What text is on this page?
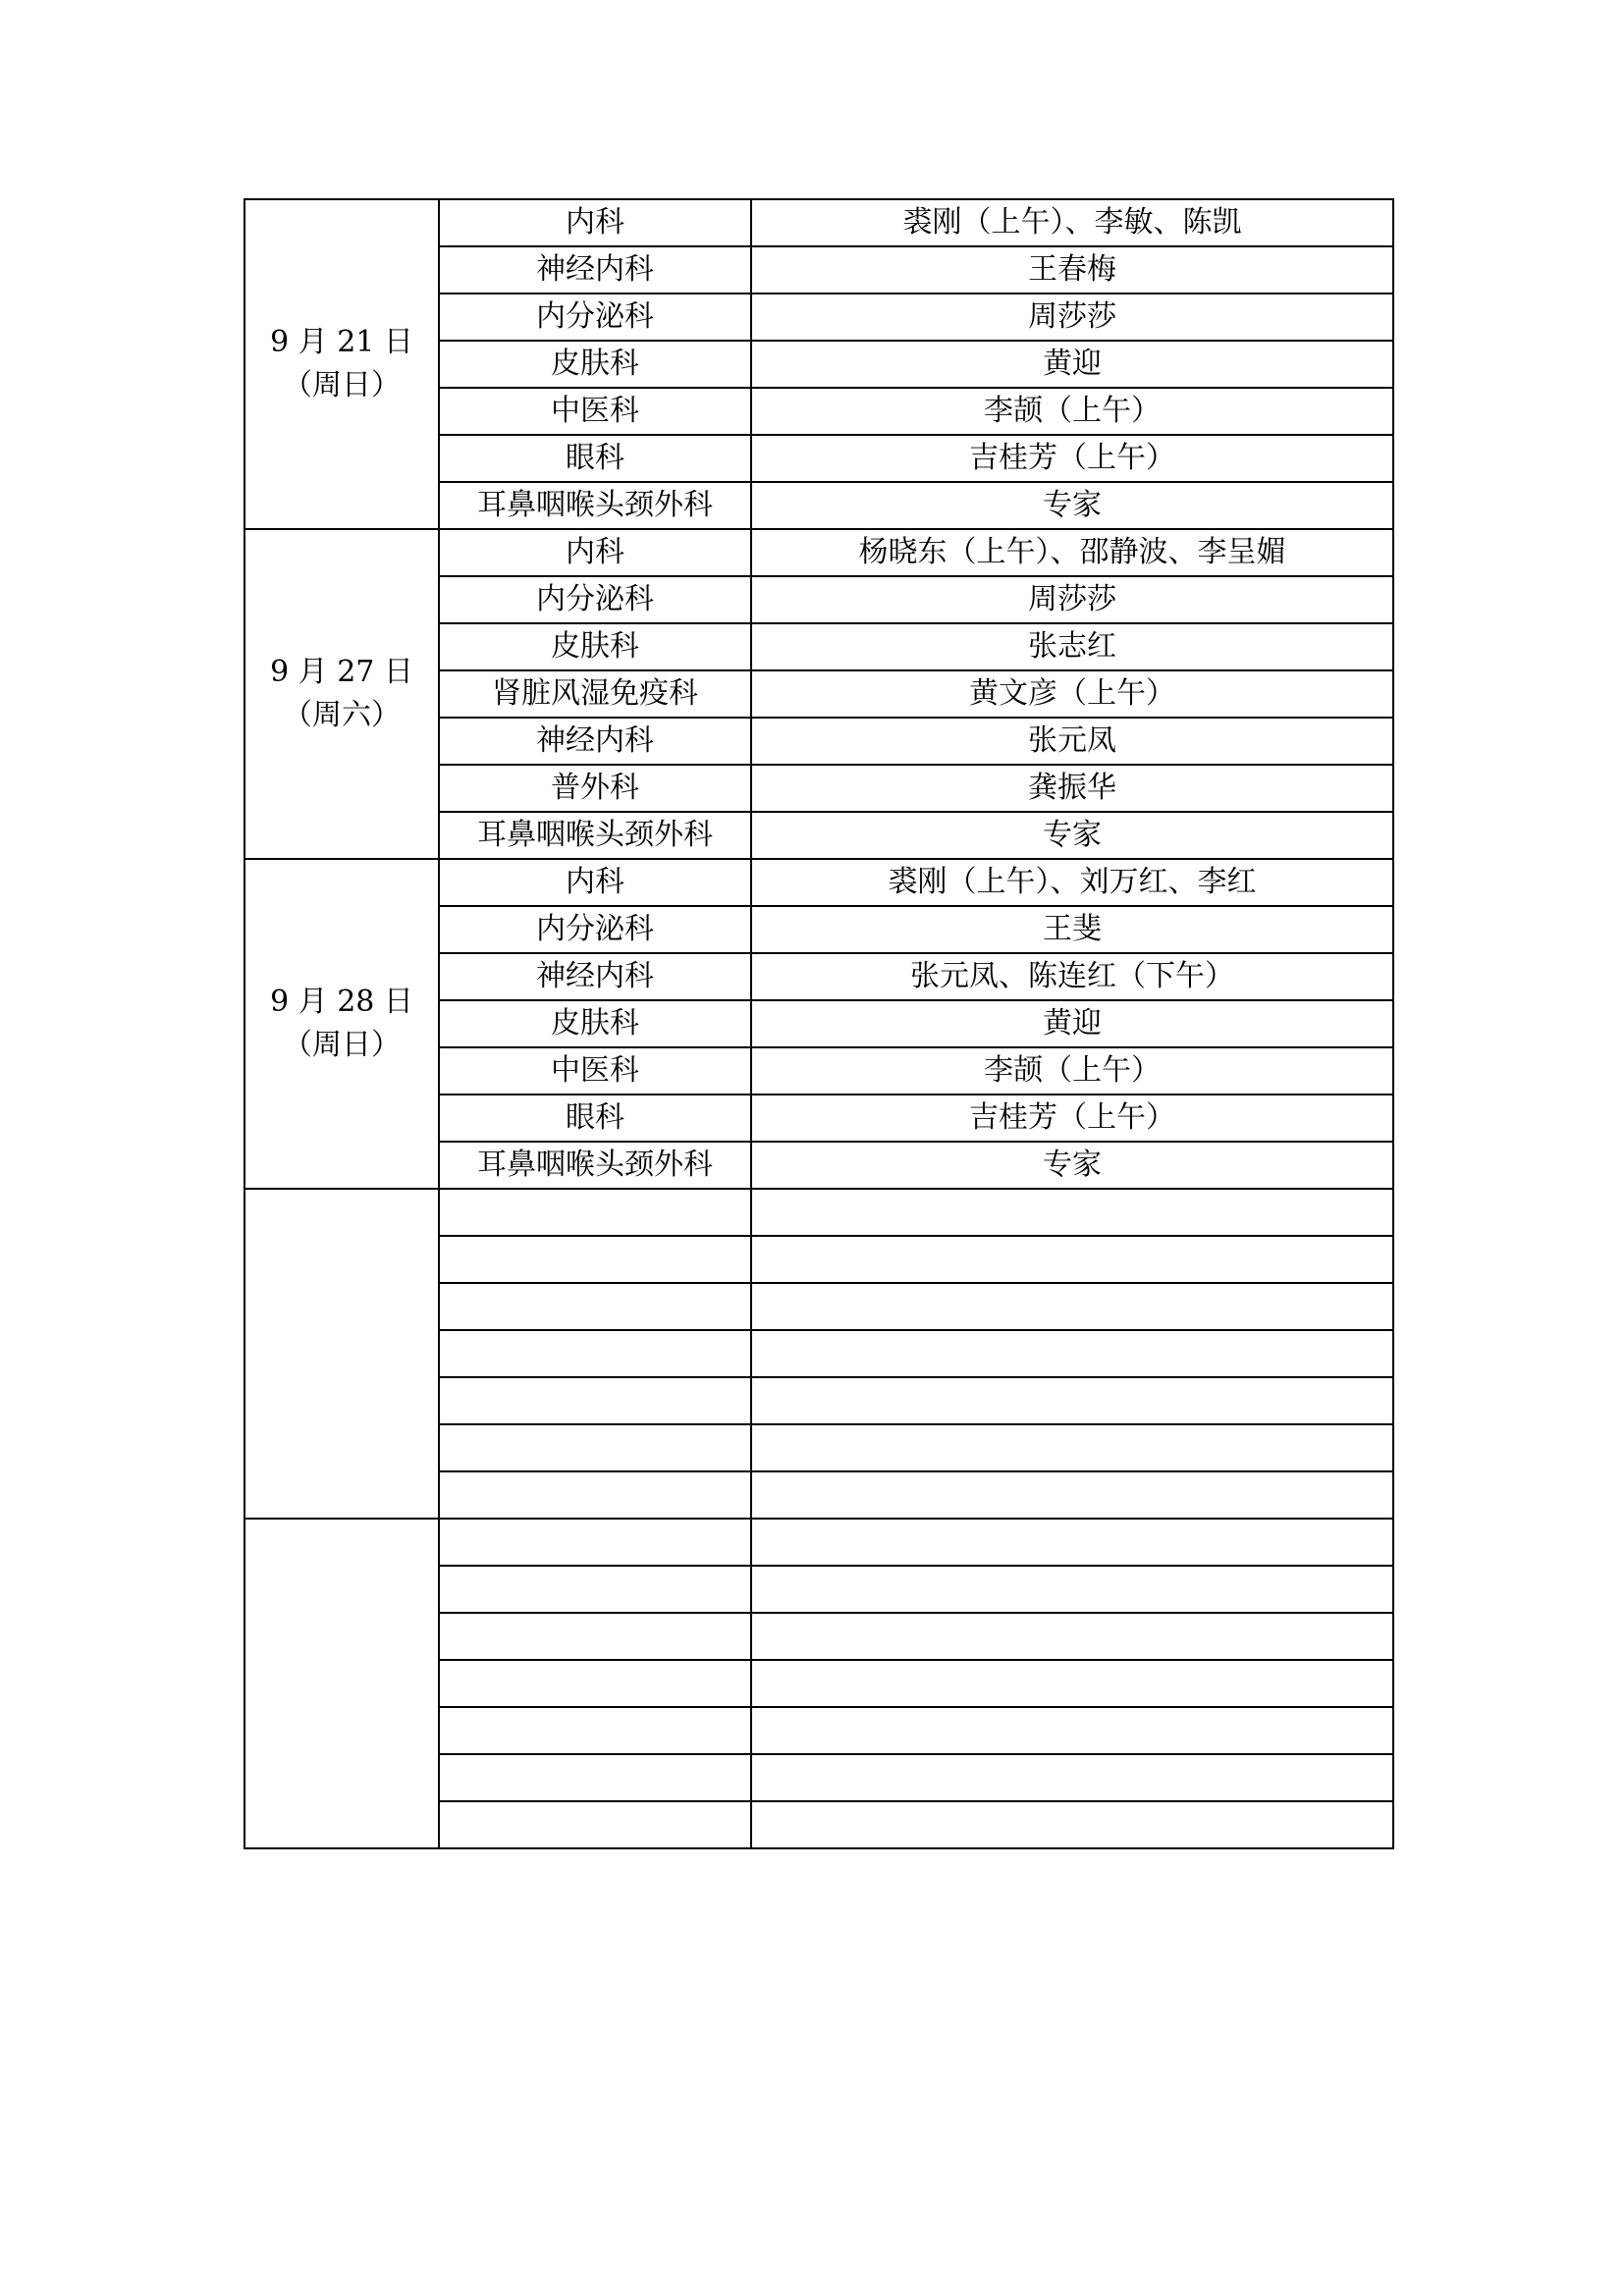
9 月 21 日
（周日）	内科	裘刚（上午）、李敏、陈凯
	神经内科	王春梅
	内分泌科	周莎莎
	皮肤科	黄迎
	中医科	李颉（上午）
	眼科	吉桂芳（上午）
	耳鼻咽喉头颈外科	专家

9 月 27 日
（周六）	内科	杨晓东（上午）、邵静波、李呈媚
	内分泌科	周莎莎
	皮肤科	张志红
	肾脏风湿免疫科	黄文彦（上午）
	神经内科	张元凤
	普外科	龚振华
	耳鼻咽喉头颈外科	专家

9 月 28 日
（周日）	内科	裘刚（上午）、刘万红、李红
	内分泌科	王斐
	神经内科	张元凤、陈连红（下午）
	皮肤科	黄迎
	中医科	李颉（上午）
	眼科	吉桂芳（上午）
	耳鼻咽喉头颈外科	专家
